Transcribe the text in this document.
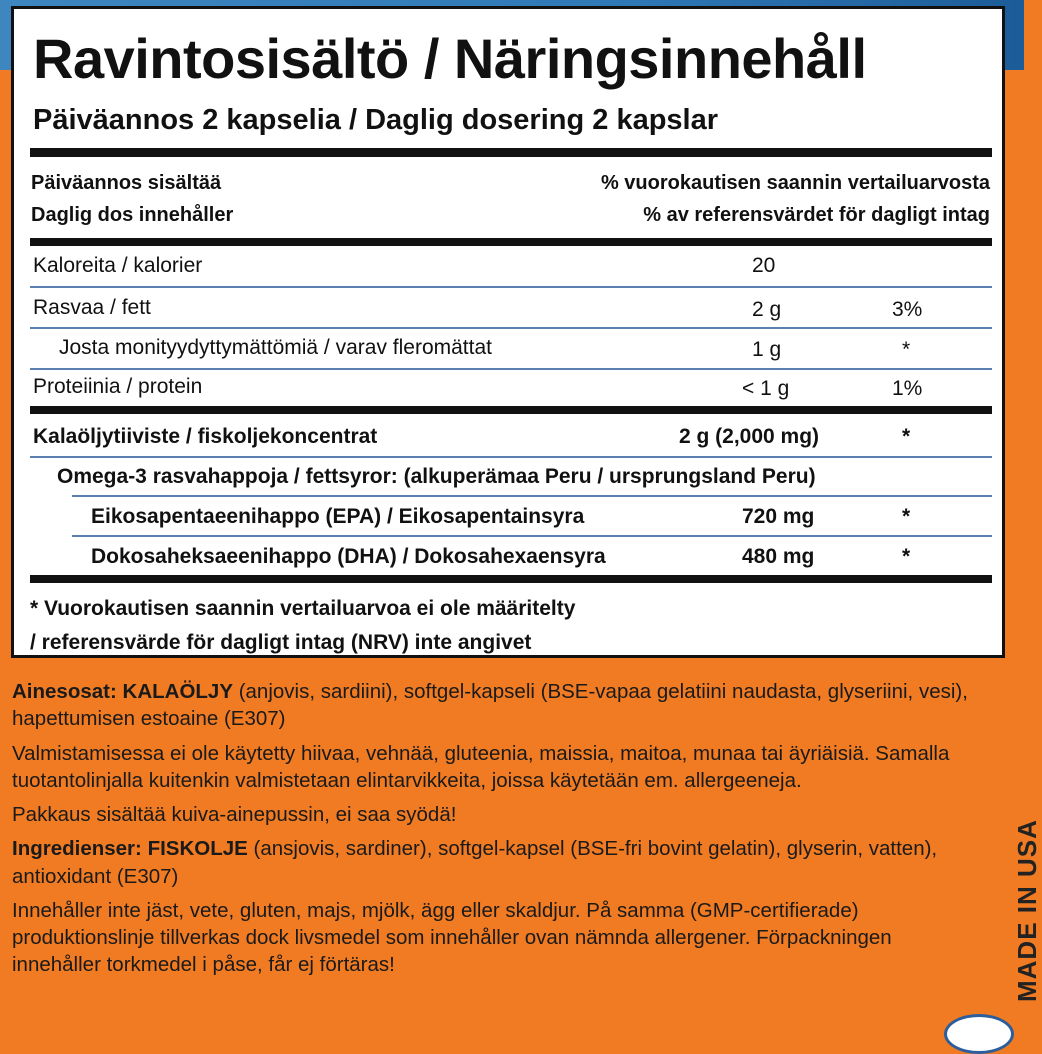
Ravintosisältö / Näringsinnehåll
Päiväannos 2 kapselia / Daglig dosering 2 kapslar
Päiväannos sisältää
Daglig dos innehåller
% vuorokautisen saannin vertailuarvosta
% av referensvärdet för dagligt intag
Kaloreita / kalorier	20
Rasvaa / fett	2 g	3%
Josta monityydyttymättömiä / varav fleromättat	1 g	*
Proteiinia / protein	< 1 g	1%
Kalaöljytiiviste / fiskoljekoncentrat	2 g (2,000 mg)	*
Omega-3 rasvahappoja / fettsyror: (alkuperämaa Peru / ursprungsland Peru)
Eikosapentaeenihappo (EPA) / Eikosapentainsyra	720 mg	*
Dokosaheksaeenihappo (DHA) / Dokosahexaensyra	480 mg	*
* Vuorokautisen saannin vertailuarvoa ei ole määritelty
/ referensvärde för dagligt intag (NRV) inte angivet

Ainesosat: KALAÖLJY (anjovis, sardiini), softgel-kapseli (BSE-vapaa gelatiini naudasta, glyseriini, vesi), hapettumisen estoaine (E307)

Valmistamisessa ei ole käytetty hiivaa, vehnää, gluteenia, maissia, maitoa, munaa tai äyriäisiä. Samalla tuotantolinjalla kuitenkin valmistetaan elintarvikkeita, joissa käytetään em. allergeeneja.

Pakkaus sisältää kuiva-ainepussin, ei saa syödä!

Ingredienser: FISKOLJE (ansjovis, sardiner), softgel-kapsel (BSE-fri bovint gelatin), glyserin, vatten), antioxidant (E307)

Innehåller inte jäst, vete, gluten, majs, mjölk, ägg eller skaldjur. På samma (GMP-certifierade) produktionslinje tillverkas dock livsmedel som innehåller ovan nämnda allergener. Förpackningen innehåller torkmedel i påse, får ej förtäras!	MADE IN USA
